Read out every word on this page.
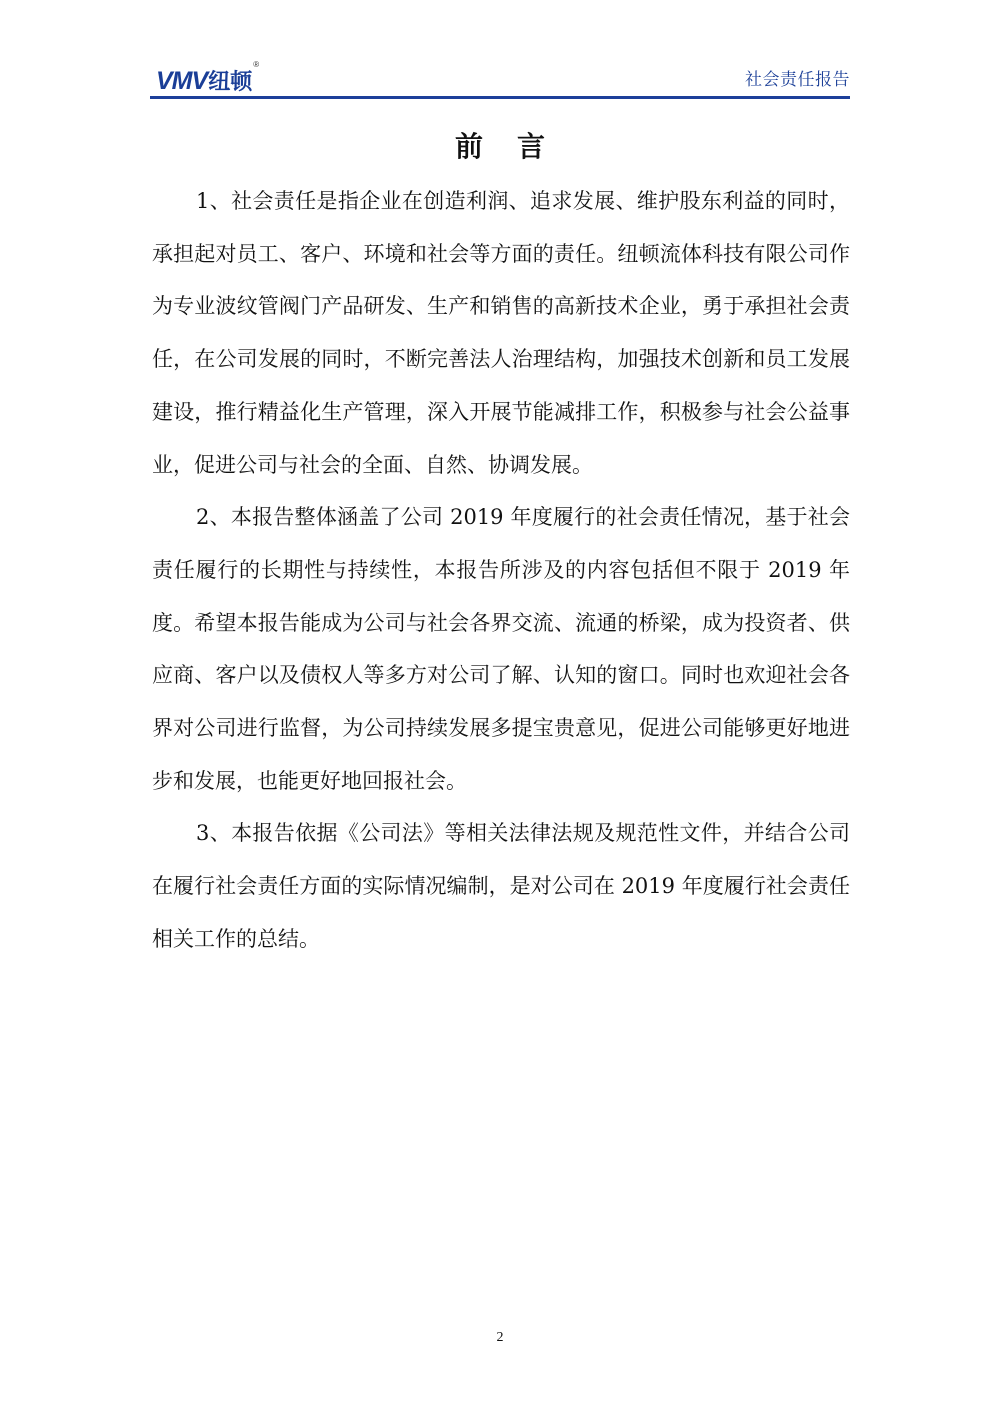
VMV 纽顿
®
社会责任报告
前言

1、社会责任是指企业在创造利润、追求发展、维护股东利益的同时，承担起对员工、客户、环境和社会等方面的责任。纽顿流体科技有限公司作为专业波纹管阀门产品研发、生产和销售的高新技术企业，勇于承担社会责任，在公司发展的同时，不断完善法人治理结构，加强技术创新和员工发展建设，推行精益化生产管理，深入开展节能减排工作，积极参与社会公益事业，促进公司与社会的全面、自然、协调发展。

2、本报告整体涵盖了公司 2019 年度履行的社会责任情况，基于社会责任履行的长期性与持续性，本报告所涉及的内容包括但不限于 2019 年度。希望本报告能成为公司与社会各界交流、流通的桥梁，成为投资者、供应商、客户以及债权人等多方对公司了解、认知的窗口。同时也欢迎社会各界对公司进行监督，为公司持续发展多提宝贵意见，促进公司能够更好地进步和发展，也能更好地回报社会。

3、本报告依据《公司法》等相关法律法规及规范性文件，并结合公司在履行社会责任方面的实际情况编制，是对公司在 2019 年度履行社会责任相关工作的总结。

2
